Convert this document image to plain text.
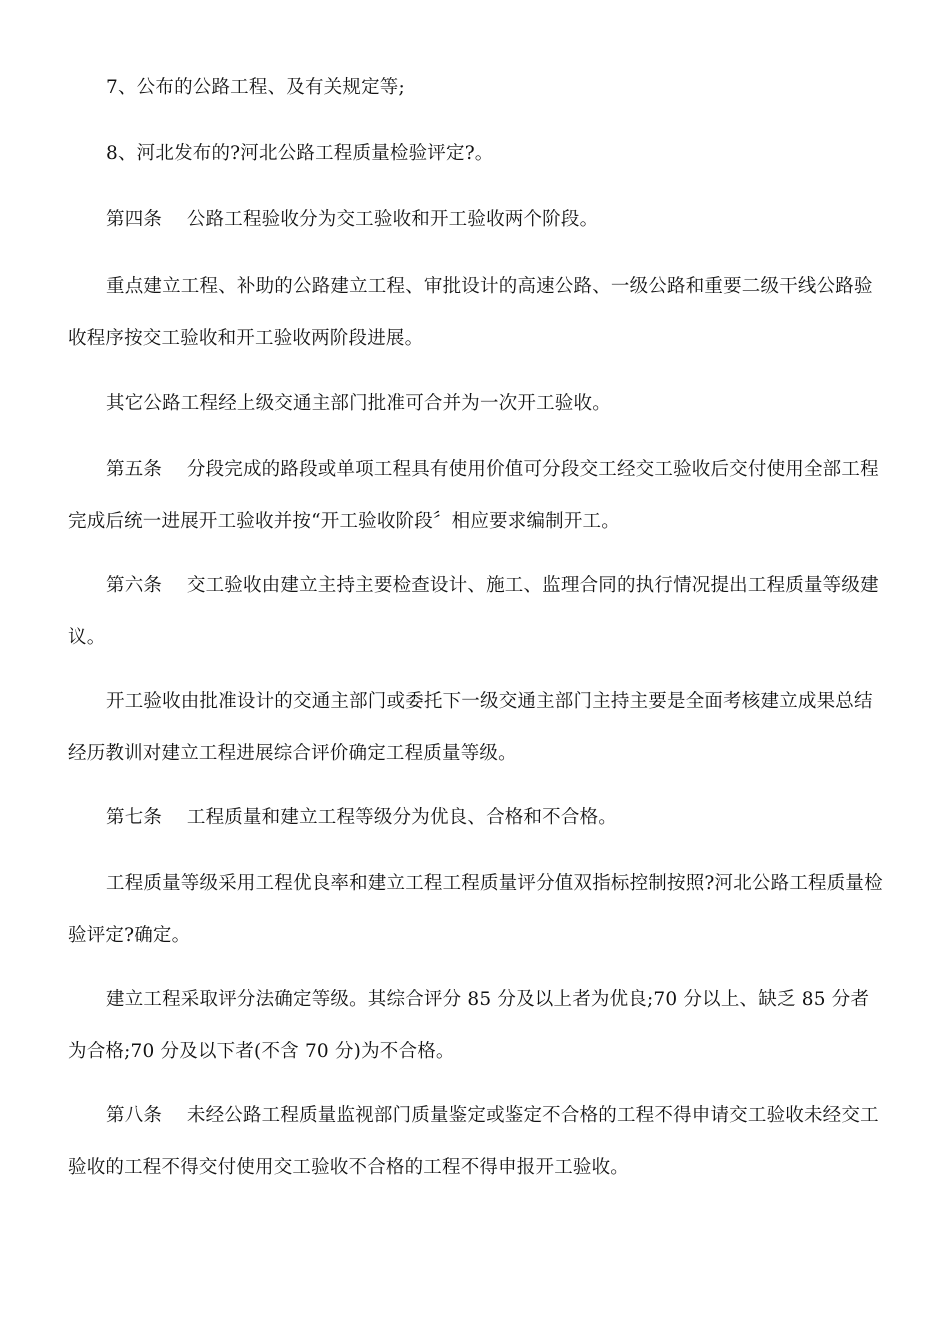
7、公布的公路工程、及有关规定等;

8、河北发布的?河北公路工程质量检验评定?。

第四条　 公路工程验收分为交工验收和开工验收两个阶段。

重点建立工程、补助的公路建立工程、审批设计的高速公路、一级公路和重要二级干线公路验收程序按交工验收和开工验收两阶段进展。

其它公路工程经上级交通主部门批准可合并为一次开工验收。

第五条　 分段完成的路段或单项工程具有使用价值可分段交工经交工验收后交付使用全部工程完成后统一进展开工验收并按“开工验收阶段〞相应要求编制开工。

第六条　 交工验收由建立主持主要检查设计、施工、监理合同的执行情况提出工程质量等级建议。

开工验收由批准设计的交通主部门或委托下一级交通主部门主持主要是全面考核建立成果总结经历教训对建立工程进展综合评价确定工程质量等级。

第七条　 工程质量和建立工程等级分为优良、合格和不合格。

工程质量等级采用工程优良率和建立工程工程质量评分值双指标控制按照?河北公路工程质量检验评定?确定。

建立工程采取评分法确定等级。其综合评分 85 分及以上者为优良;70 分以上、缺乏 85 分者为合格;70 分及以下者(不含 70 分)为不合格。

第八条　 未经公路工程质量监视部门质量鉴定或鉴定不合格的工程不得申请交工验收未经交工验收的工程不得交付使用交工验收不合格的工程不得申报开工验收。
